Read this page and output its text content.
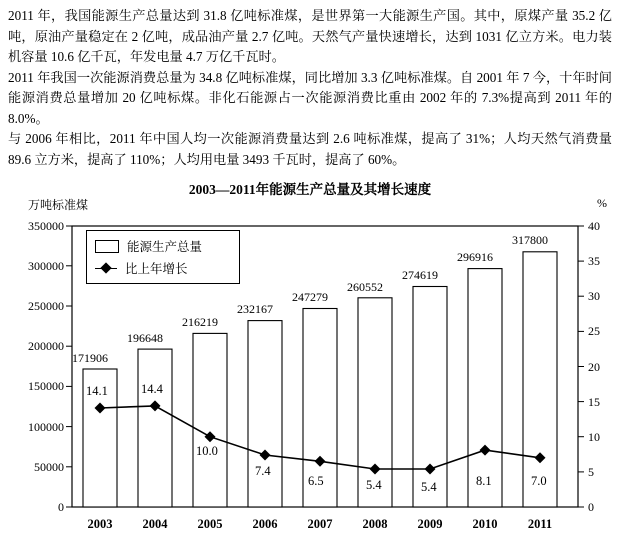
2011 年，我国能源生产总量达到 31.8 亿吨标准煤，是世界第一大能源生产国。其中，原煤产量 35.2 亿吨，原油产量稳定在 2 亿吨，成品油产量 2.7 亿吨。天然气产量快速增长，达到 1031 亿立方米。电力装机容量 10.6 亿千瓦，年发电量 4.7 万亿千瓦时。
2011 年我国一次能源消费总量为 34.8 亿吨标准煤，同比增加 3.3 亿吨标准煤。自 2001 年 7 今，十年时间能源消费总量增加 20 亿吨标煤。非化石能源占一次能源消费比重由 2002 年的 7.3%提高到 2011 年的 8.0%。
与 2006 年相比，2011 年中国人均一次能源消费量达到 2.6 吨标准煤，提高了 31%；人均天然气消费量 89.6 立方米，提高了 110%；人均用电量 3493 千瓦时，提高了 60%。
2003—2011年能源生产总量及其增长速度
万吨标准煤	%
能源生产总量
比上年增长
0
50000
100000
150000
200000
250000
300000
350000
0
5
10
15
20
25
30
35
40
171906
196648
216219
232167
247279
260552
274619
296916
317800
14.1	14.4
10.0
7.4
6.5	5.4	5.4	8.1	7.0
2003	2004	2005	2006	2007	2008	2009	2010	2011
